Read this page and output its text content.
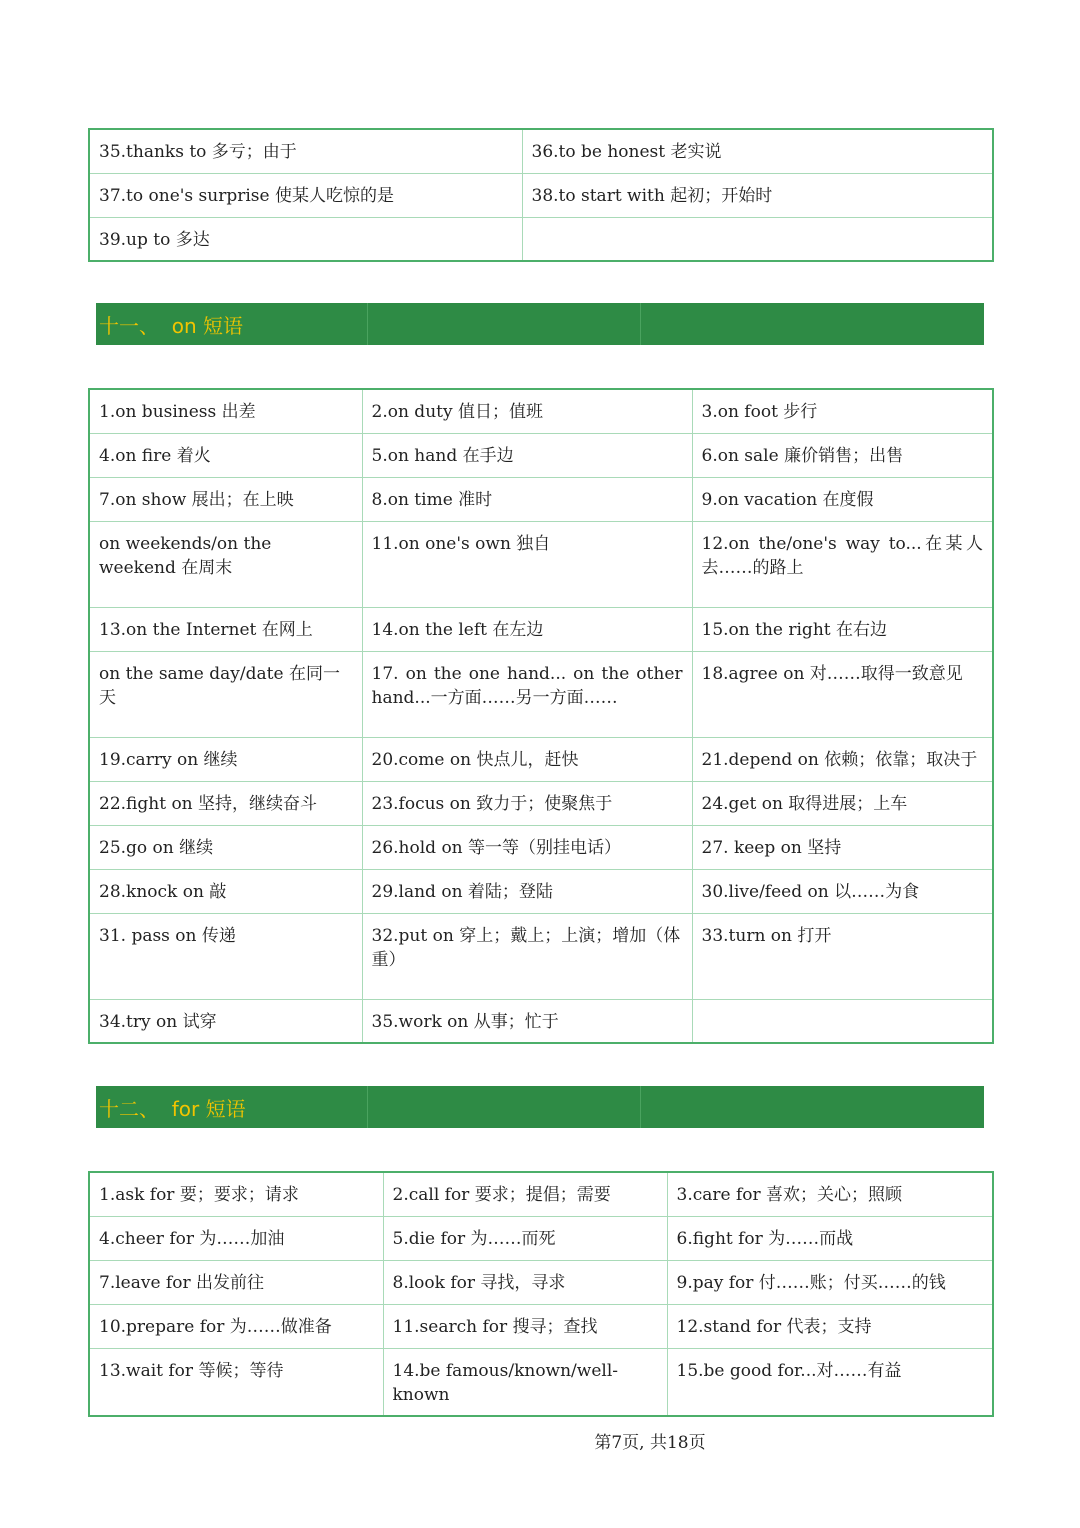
35.thanks to 多亏；由于	36.to be honest 老实说
37.to one's surprise 使某人吃惊的是	38.to start with 起初；开始时
39.up to 多达	
十一、  on 短语
1.on business 出差	2.on duty 值日；值班	3.on foot 步行
4.on fire 着火	5.on hand 在手边	6.on sale 廉价销售；出售
7.on show 展出；在上映	8.on time 准时	9.on vacation 在度假
on weekends/on the weekend 在周末	11.on one's own 独自	12.on the/one's way to...在某人去……的路上
13.on the Internet 在网上	14.on the left 在左边	15.on the right 在右边
on the same day/date 在同一天	17. on the one hand... on the other hand...一方面……另一方面……	18.agree on 对……取得一致意见
19.carry on 继续	20.come on 快点儿，赶快	21.depend on 依赖；依靠；取决于
22.fight on 坚持，继续奋斗	23.focus on 致力于；使聚焦于	24.get on 取得进展；上车
25.go on 继续	26.hold on 等一等（别挂电话）	27. keep on 坚持
28.knock on 敲	29.land on 着陆；登陆	30.live/feed on 以……为食
31. pass on 传递	32.put on 穿上；戴上；上演；增加（体重）	33.turn on 打开
34.try on 试穿	35.work on 从事；忙于	
十二、  for 短语
1.ask for 要；要求；请求	2.call for 要求；提倡；需要	3.care for 喜欢；关心；照顾
4.cheer for 为……加油	5.die for 为……而死	6.fight for 为……而战
7.leave for 出发前往	8.look for 寻找，寻求	9.pay for 付……账；付买……的钱
10.prepare for 为……做准备	11.search for 搜寻；查找	12.stand for 代表；支持
13.wait for 等候；等待	14.be famous/known/well-known	15.be good for...对……有益
第7页, 共18页
